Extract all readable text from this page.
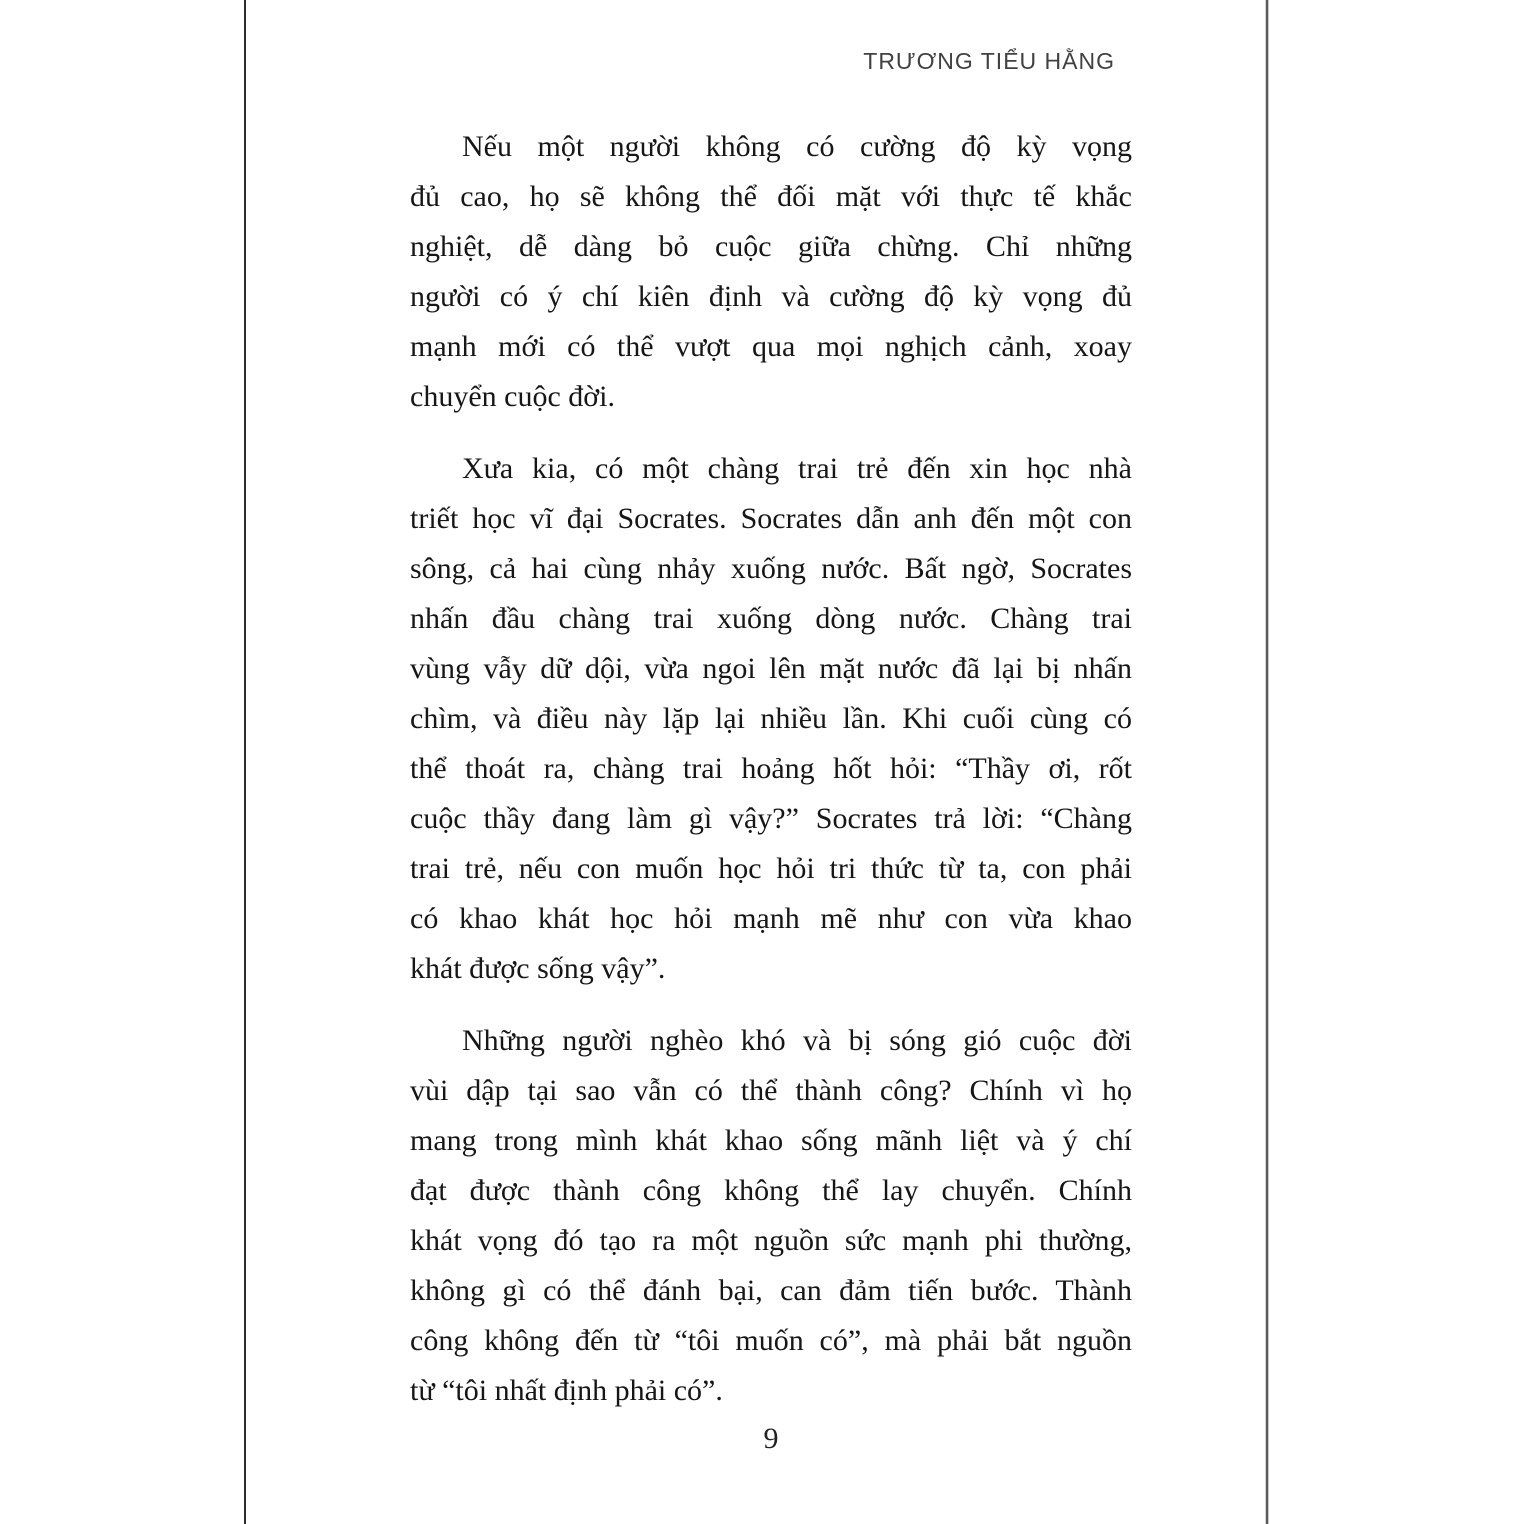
TRƯƠNG TIỂU HẰNG
Nếu một người không có cường độ kỳ vọng
đủ cao, họ sẽ không thể đối mặt với thực tế khắc
nghiệt, dễ dàng bỏ cuộc giữa chừng. Chỉ những
người có ý chí kiên định và cường độ kỳ vọng đủ
mạnh mới có thể vượt qua mọi nghịch cảnh, xoay
chuyển cuộc đời.
Xưa kia, có một chàng trai trẻ đến xin học nhà
triết học vĩ đại Socrates. Socrates dẫn anh đến một con
sông, cả hai cùng nhảy xuống nước. Bất ngờ, Socrates
nhấn đầu chàng trai xuống dòng nước. Chàng trai
vùng vẫy dữ dội, vừa ngoi lên mặt nước đã lại bị nhấn
chìm, và điều này lặp lại nhiều lần. Khi cuối cùng có
thể thoát ra, chàng trai hoảng hốt hỏi: “Thầy ơi, rốt
cuộc thầy đang làm gì vậy?” Socrates trả lời: “Chàng
trai trẻ, nếu con muốn học hỏi tri thức từ ta, con phải
có khao khát học hỏi mạnh mẽ như con vừa khao
khát được sống vậy”.
Những người nghèo khó và bị sóng gió cuộc đời
vùi dập tại sao vẫn có thể thành công? Chính vì họ
mang trong mình khát khao sống mãnh liệt và ý chí
đạt được thành công không thể lay chuyển. Chính
khát vọng đó tạo ra một nguồn sức mạnh phi thường,
không gì có thể đánh bại, can đảm tiến bước. Thành
công không đến từ “tôi muốn có”, mà phải bắt nguồn
từ “tôi nhất định phải có”.
9
